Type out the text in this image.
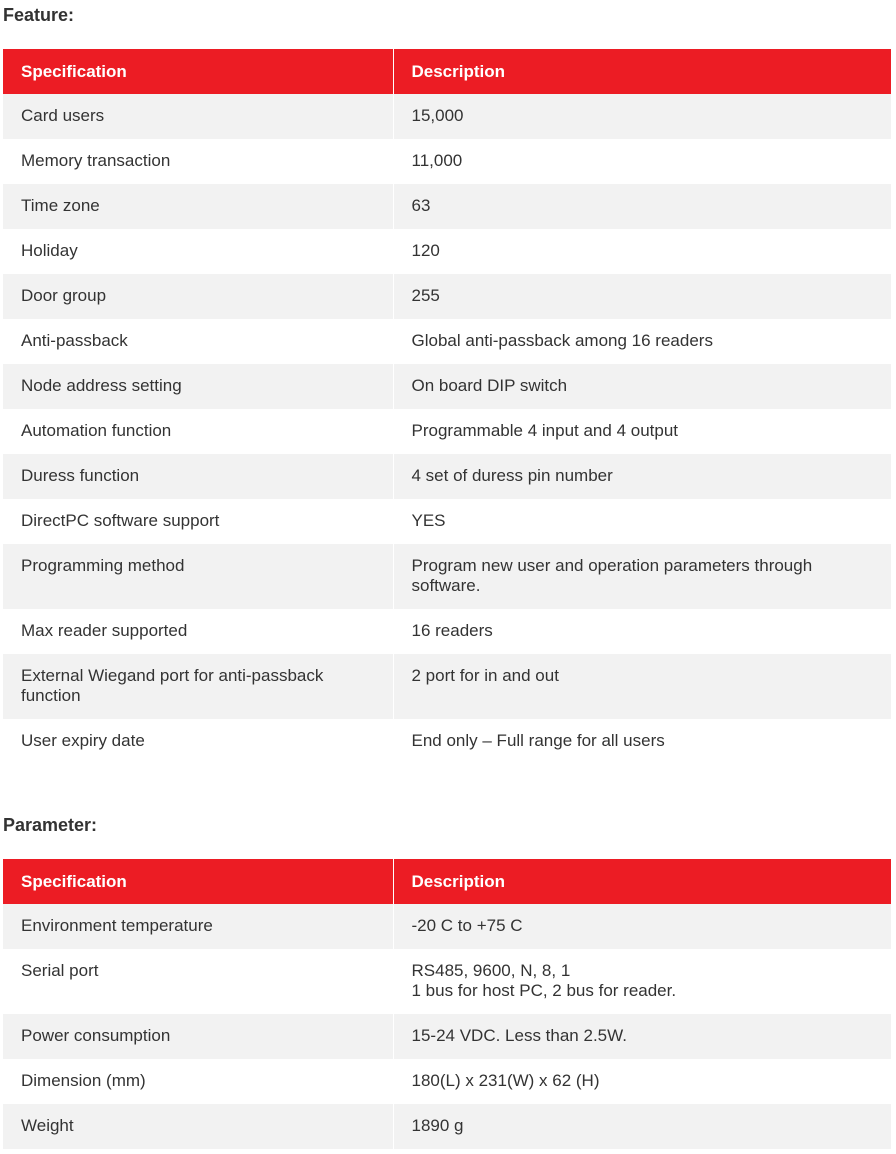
Feature:
Specification	Description
Card users	15,000
Memory transaction	11,000
Time zone	63
Holiday	120
Door group	255
Anti-passback	Global anti-passback among 16 readers
Node address setting	On board DIP switch
Automation function	Programmable 4 input and 4 output
Duress function	4 set of duress pin number
DirectPC software support	YES
Programming method	Program new user and operation parameters through software.
Max reader supported	16 readers
External Wiegand port for anti-passback function	2 port for in and out
User expiry date	End only – Full range for all users
Parameter:
Specification	Description
Environment temperature	-20 C to +75 C
Serial port	RS485, 9600, N, 8, 1
1 bus for host PC, 2 bus for reader.
Power consumption	15-24 VDC. Less than 2.5W.
Dimension (mm)	180(L) x 231(W) x 62 (H)
Weight	1890 g
